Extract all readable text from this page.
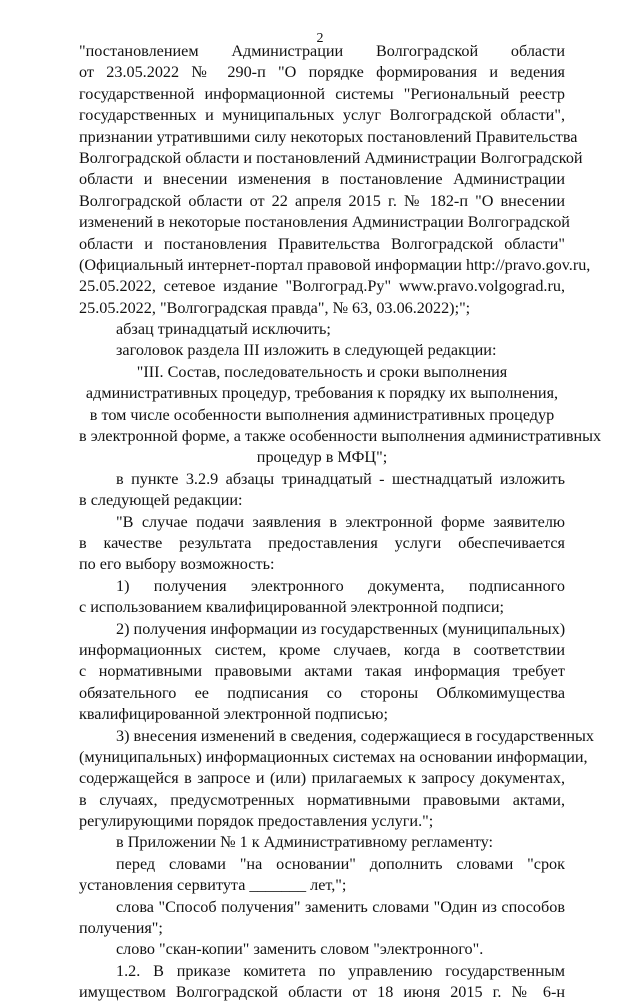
2
"постановлением Администрации Волгоградской области
от 23.05.2022 № 290-п "О порядке формирования и ведения
государственной информационной системы "Региональный реестр
государственных и муниципальных услуг Волгоградской области",
признании утратившими силу некоторых постановлений Правительства
Волгоградской области и постановлений Администрации Волгоградской
области и внесении изменения в постановление Администрации
Волгоградской области от 22 апреля 2015 г. № 182-п "О внесении
изменений в некоторые постановления Администрации Волгоградской
области и постановления Правительства Волгоградской области"
(Официальный интернет-портал правовой информации http://pravo.gov.ru,
25.05.2022, сетевое издание "Волгоград.Ру" www.pravo.volgograd.ru,
25.05.2022, "Волгоградская правда", № 63, 03.06.2022);";
абзац тринадцатый исключить;
заголовок раздела III изложить в следующей редакции:
"III. Состав, последовательность и сроки выполнения
административных процедур, требования к порядку их выполнения,
в том числе особенности выполнения административных процедур
в электронной форме, а также особенности выполнения административных
процедур в МФЦ";
в пункте 3.2.9 абзацы тринадцатый - шестнадцатый изложить
в следующей редакции:
"В случае подачи заявления в электронной форме заявителю
в качестве результата предоставления услуги обеспечивается
по его выбору возможность:
1) получения электронного документа, подписанного
с использованием квалифицированной электронной подписи;
2) получения информации из государственных (муниципальных)
информационных систем, кроме случаев, когда в соответствии
с нормативными правовыми актами такая информация требует
обязательного ее подписания со стороны Облкомимущества
квалифицированной электронной подписью;
3) внесения изменений в сведения, содержащиеся в государственных
(муниципальных) информационных системах на основании информации,
содержащейся в запросе и (или) прилагаемых к запросу документах,
в случаях, предусмотренных нормативными правовыми актами,
регулирующими порядок предоставления услуги.";
в Приложении № 1 к Административному регламенту:
перед словами "на основании" дополнить словами "срок
установления сервитута _______ лет,";
слова "Способ получения" заменить словами "Один из способов
получения";
слово "скан-копии" заменить словом "электронного".
1.2. В приказе комитета по управлению государственным
имуществом Волгоградской области от 18 июня 2015 г. № 6-н
